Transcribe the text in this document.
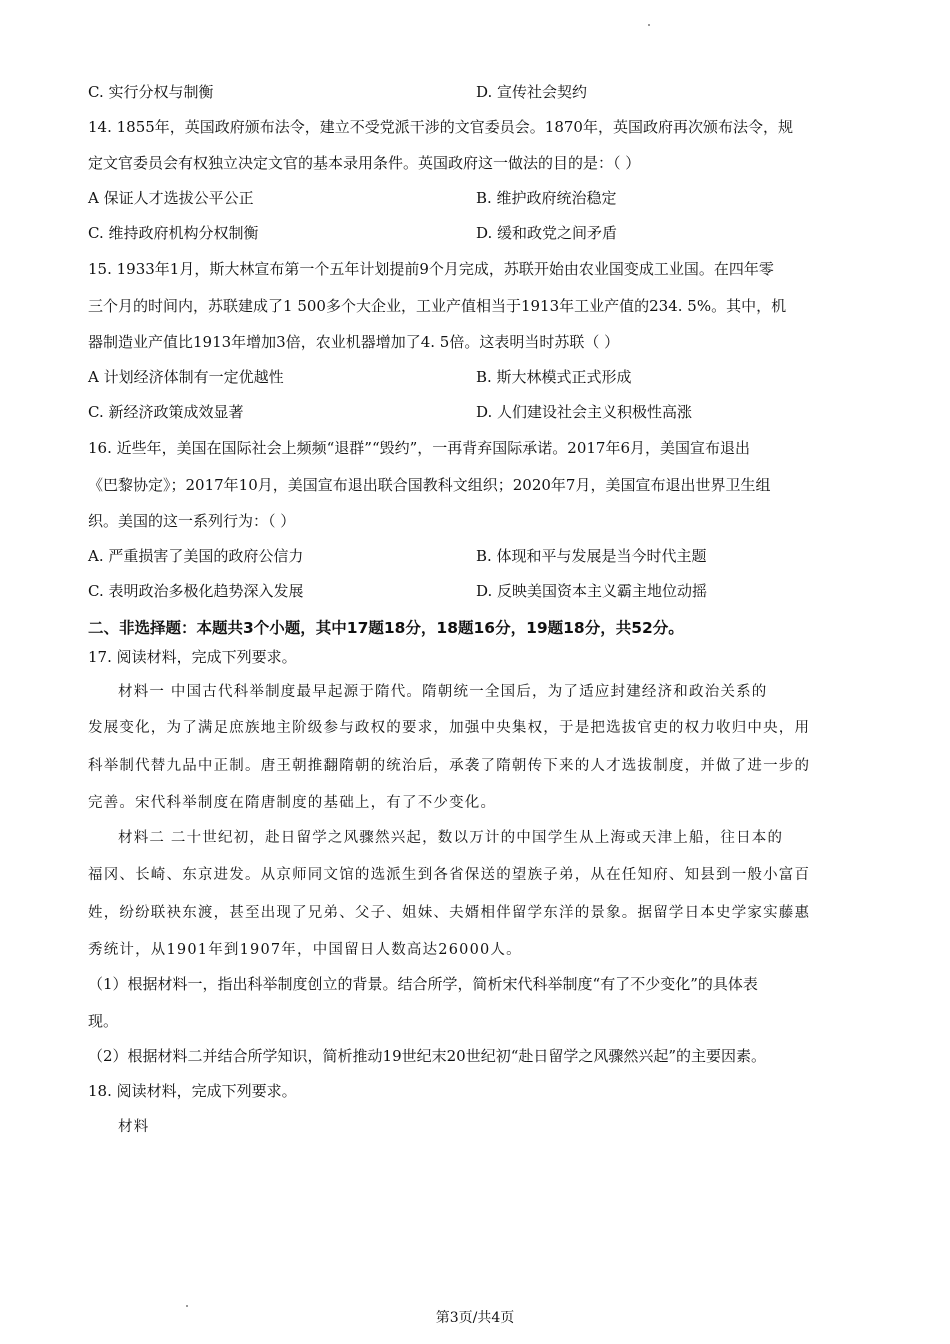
C. 实行分权与制衡	D. 宣传社会契约
14. 1855年，英国政府颁布法令，建立不受党派干涉的文官委员会。1870年，英国政府再次颁布法令，规
定文官委员会有权独立决定文官的基本录用条件。英国政府这一做法的目的是：（ ）
A 保证人才选拔公平公正	B. 维护政府统治稳定
C. 维持政府机构分权制衡	D. 缓和政党之间矛盾
15. 1933年1月，斯大林宣布第一个五年计划提前9个月完成，苏联开始由农业国变成工业国。在四年零
三个月的时间内，苏联建成了1 500多个大企业，工业产值相当于1913年工业产值的234. 5%。其中，机
器制造业产值比1913年增加3倍，农业机器增加了4. 5倍。这表明当时苏联（ ）
A 计划经济体制有一定优越性	B. 斯大林模式正式形成
C. 新经济政策成效显著	D. 人们建设社会主义积极性高涨
16. 近些年，美国在国际社会上频频“退群”“毁约”，一再背弃国际承诺。2017年6月，美国宣布退出
《巴黎协定》；2017年10月，美国宣布退出联合国教科文组织；2020年7月，美国宣布退出世界卫生组
织。美国的这一系列行为：（ ）
A. 严重损害了美国的政府公信力	B. 体现和平与发展是当今时代主题
C. 表明政治多极化趋势深入发展	D. 反映美国资本主义霸主地位动摇
二、非选择题：本题共3个小题，其中17题18分，18题16分，19题18分，共52分。
17. 阅读材料，完成下列要求。
材料一 中国古代科举制度最早起源于隋代。隋朝统一全国后，为了适应封建经济和政治关系的
发展变化，为了满足庶族地主阶级参与政权的要求，加强中央集权，于是把选拔官吏的权力收归中央，用
科举制代替九品中正制。唐王朝推翻隋朝的统治后，承袭了隋朝传下来的人才选拔制度，并做了进一步的
完善。宋代科举制度在隋唐制度的基础上，有了不少变化。
材料二 二十世纪初，赴日留学之风骤然兴起，数以万计的中国学生从上海或天津上船，往日本的
福冈、长崎、东京进发。从京师同文馆的选派生到各省保送的望族子弟，从在任知府、知县到一般小富百
姓，纷纷联袂东渡，甚至出现了兄弟、父子、姐妹、夫婿相伴留学东洋的景象。据留学日本史学家实藤惠
秀统计，从1901年到1907年，中国留日人数高达26000人。
（1）根据材料一，指出科举制度创立的背景。结合所学，简析宋代科举制度“有了不少变化”的具体表
现。
（2）根据材料二并结合所学知识，简析推动19世纪末20世纪初“赴日留学之风骤然兴起”的主要因素。
18. 阅读材料，完成下列要求。
材料
第3页/共4页
